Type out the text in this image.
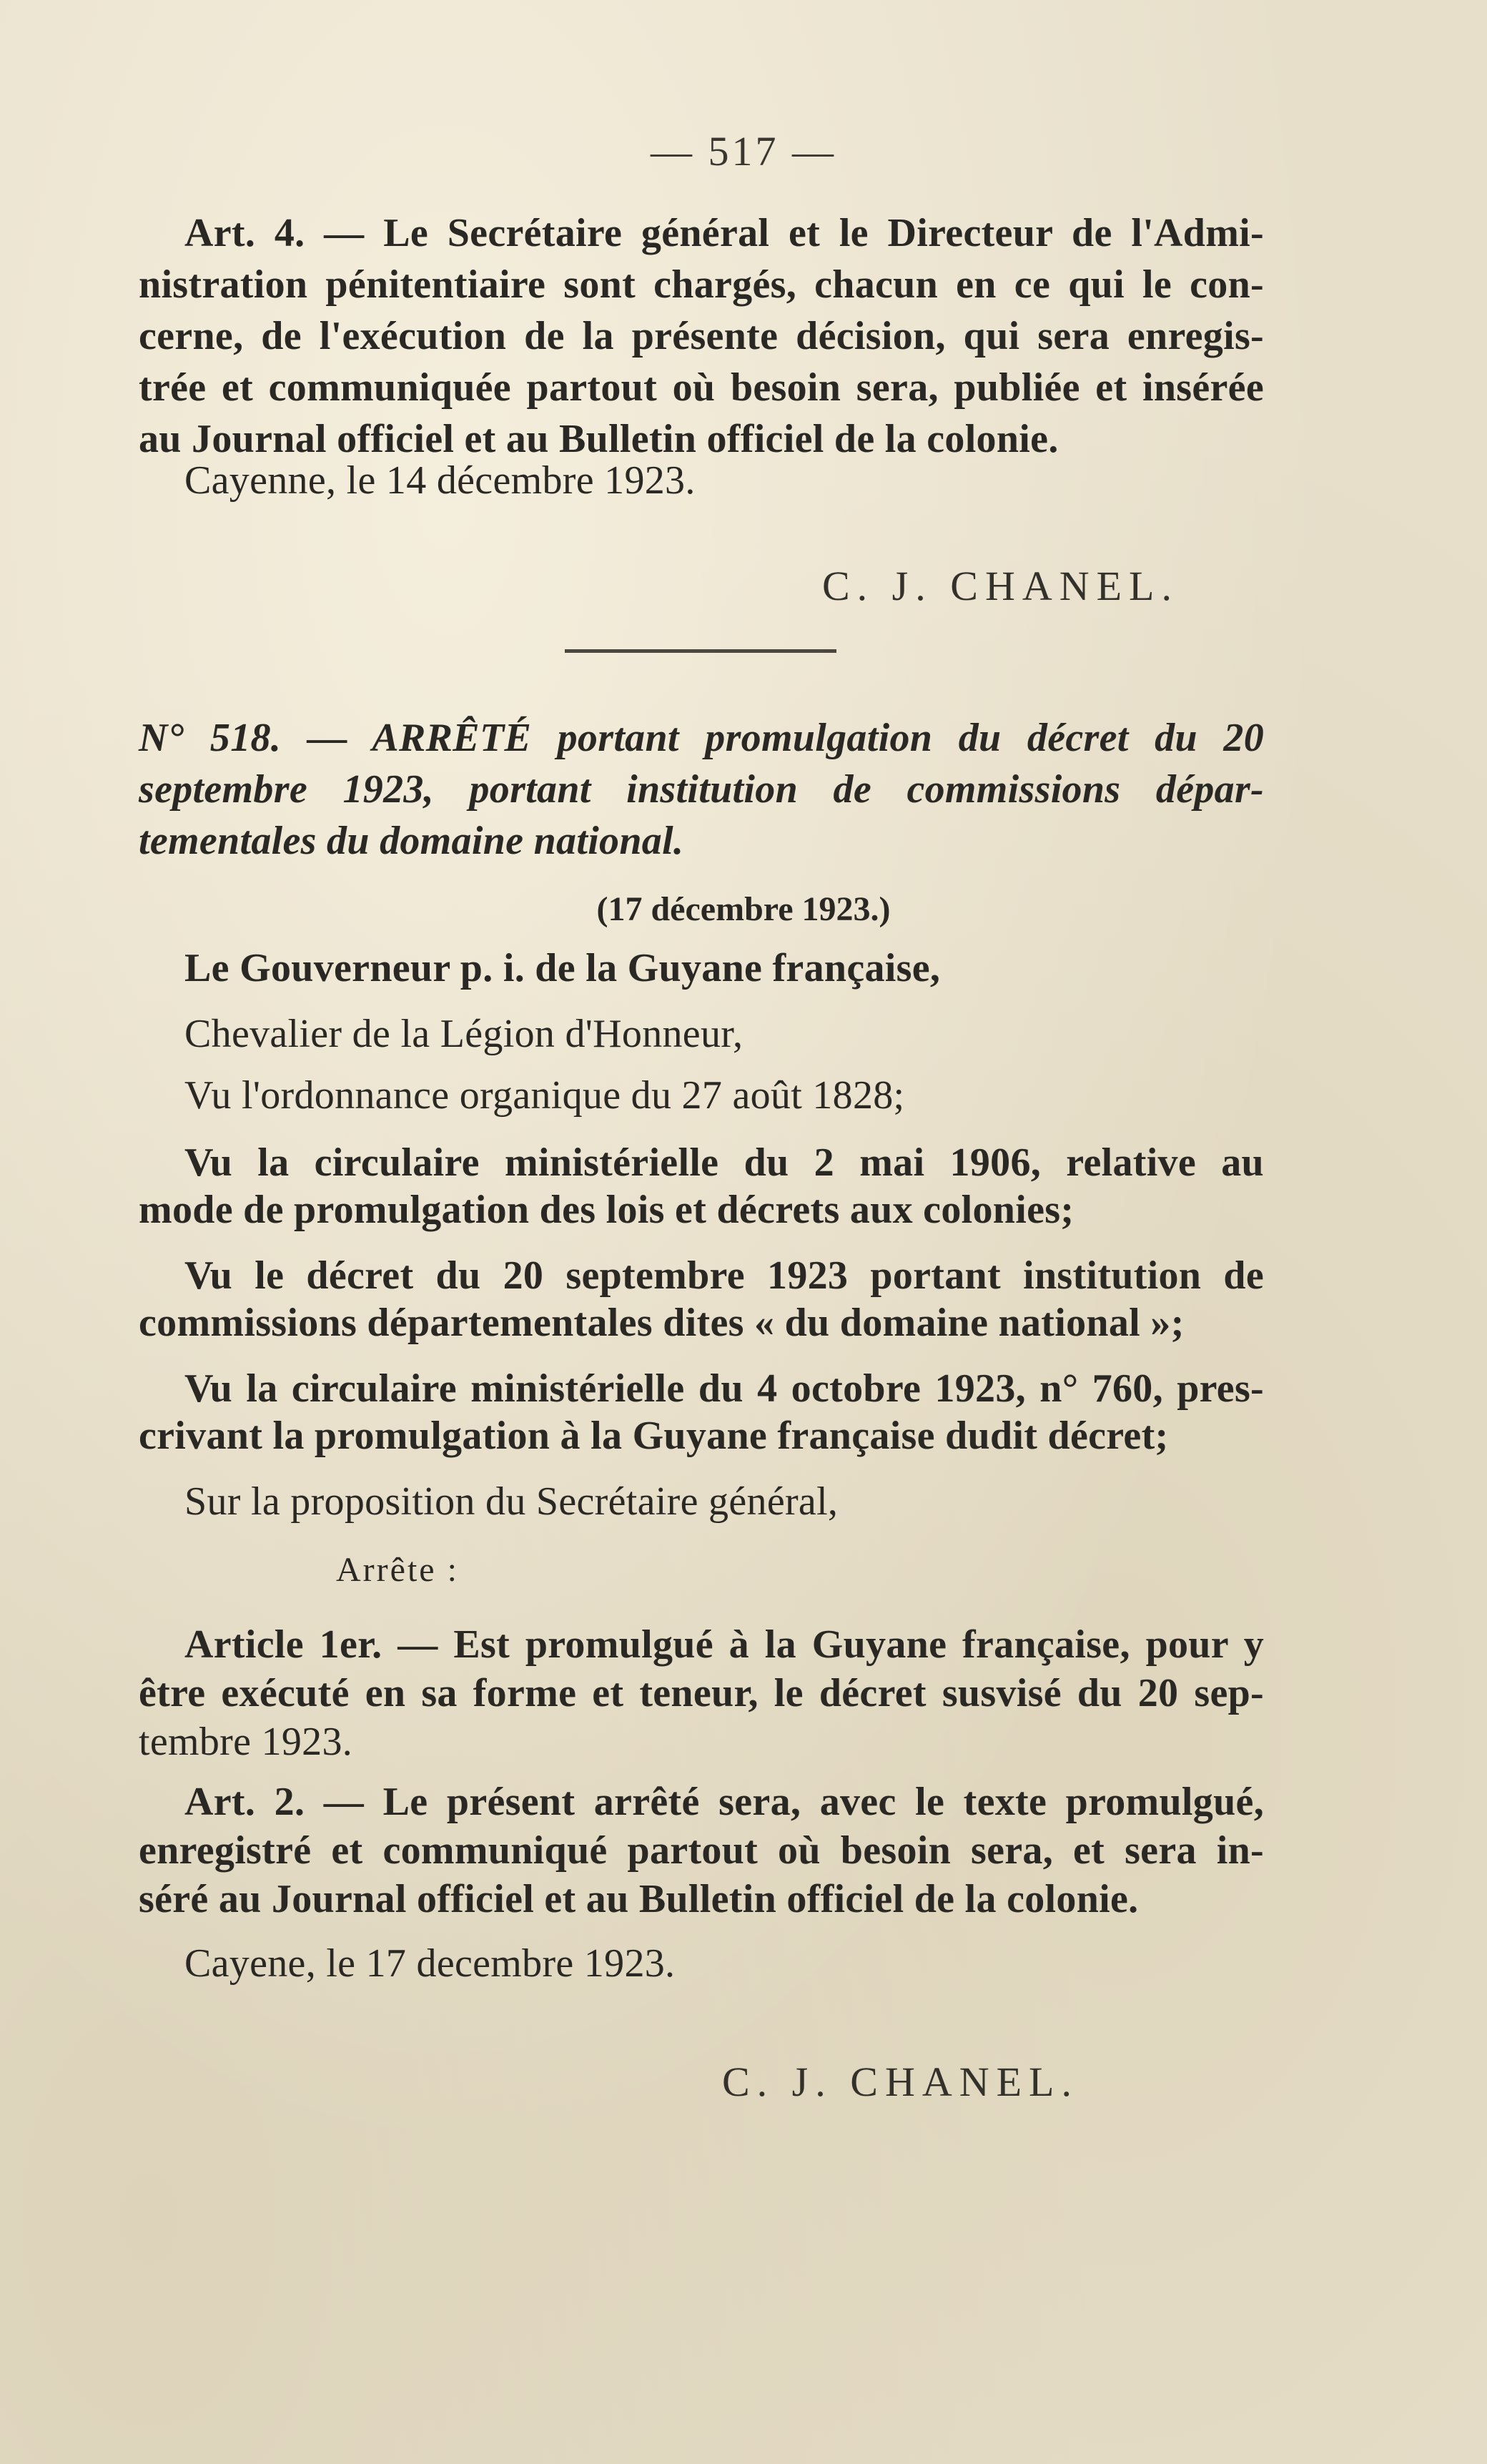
— 517 —
Art. 4. — Le Secrétaire général et le Directeur de l'Admi-
nistration pénitentiaire sont chargés, chacun en ce qui le con-
cerne, de l'exécution de la présente décision, qui sera enregis-
trée et communiquée partout où besoin sera, publiée et insérée
au Journal officiel et au Bulletin officiel de la colonie.
Cayenne, le 14 décembre 1923.
C. J. CHANEL.
N° 518. — ARRÊTÉ portant promulgation du décret du 20
septembre 1923, portant institution de commissions dépar-
tementales du domaine national.
(17 décembre 1923.)
Le Gouverneur p. i. de la Guyane française,
Chevalier de la Légion d'Honneur,
Vu l'ordonnance organique du 27 août 1828;
Vu la circulaire ministérielle du 2 mai 1906, relative au
mode de promulgation des lois et décrets aux colonies;
Vu le décret du 20 septembre 1923 portant institution de
commissions départementales dites « du domaine national »;
Vu la circulaire ministérielle du 4 octobre 1923, n° 760, pres-
crivant la promulgation à la Guyane française dudit décret;
Sur la proposition du Secrétaire général,
Arrête :
Article 1er. — Est promulgué à la Guyane française, pour y
être exécuté en sa forme et teneur, le décret susvisé du 20 sep-
tembre 1923.
Art. 2. — Le présent arrêté sera, avec le texte promulgué,
enregistré et communiqué partout où besoin sera, et sera in-
séré au Journal officiel et au Bulletin officiel de la colonie.
Cayene, le 17 decembre 1923.
C. J. CHANEL.
